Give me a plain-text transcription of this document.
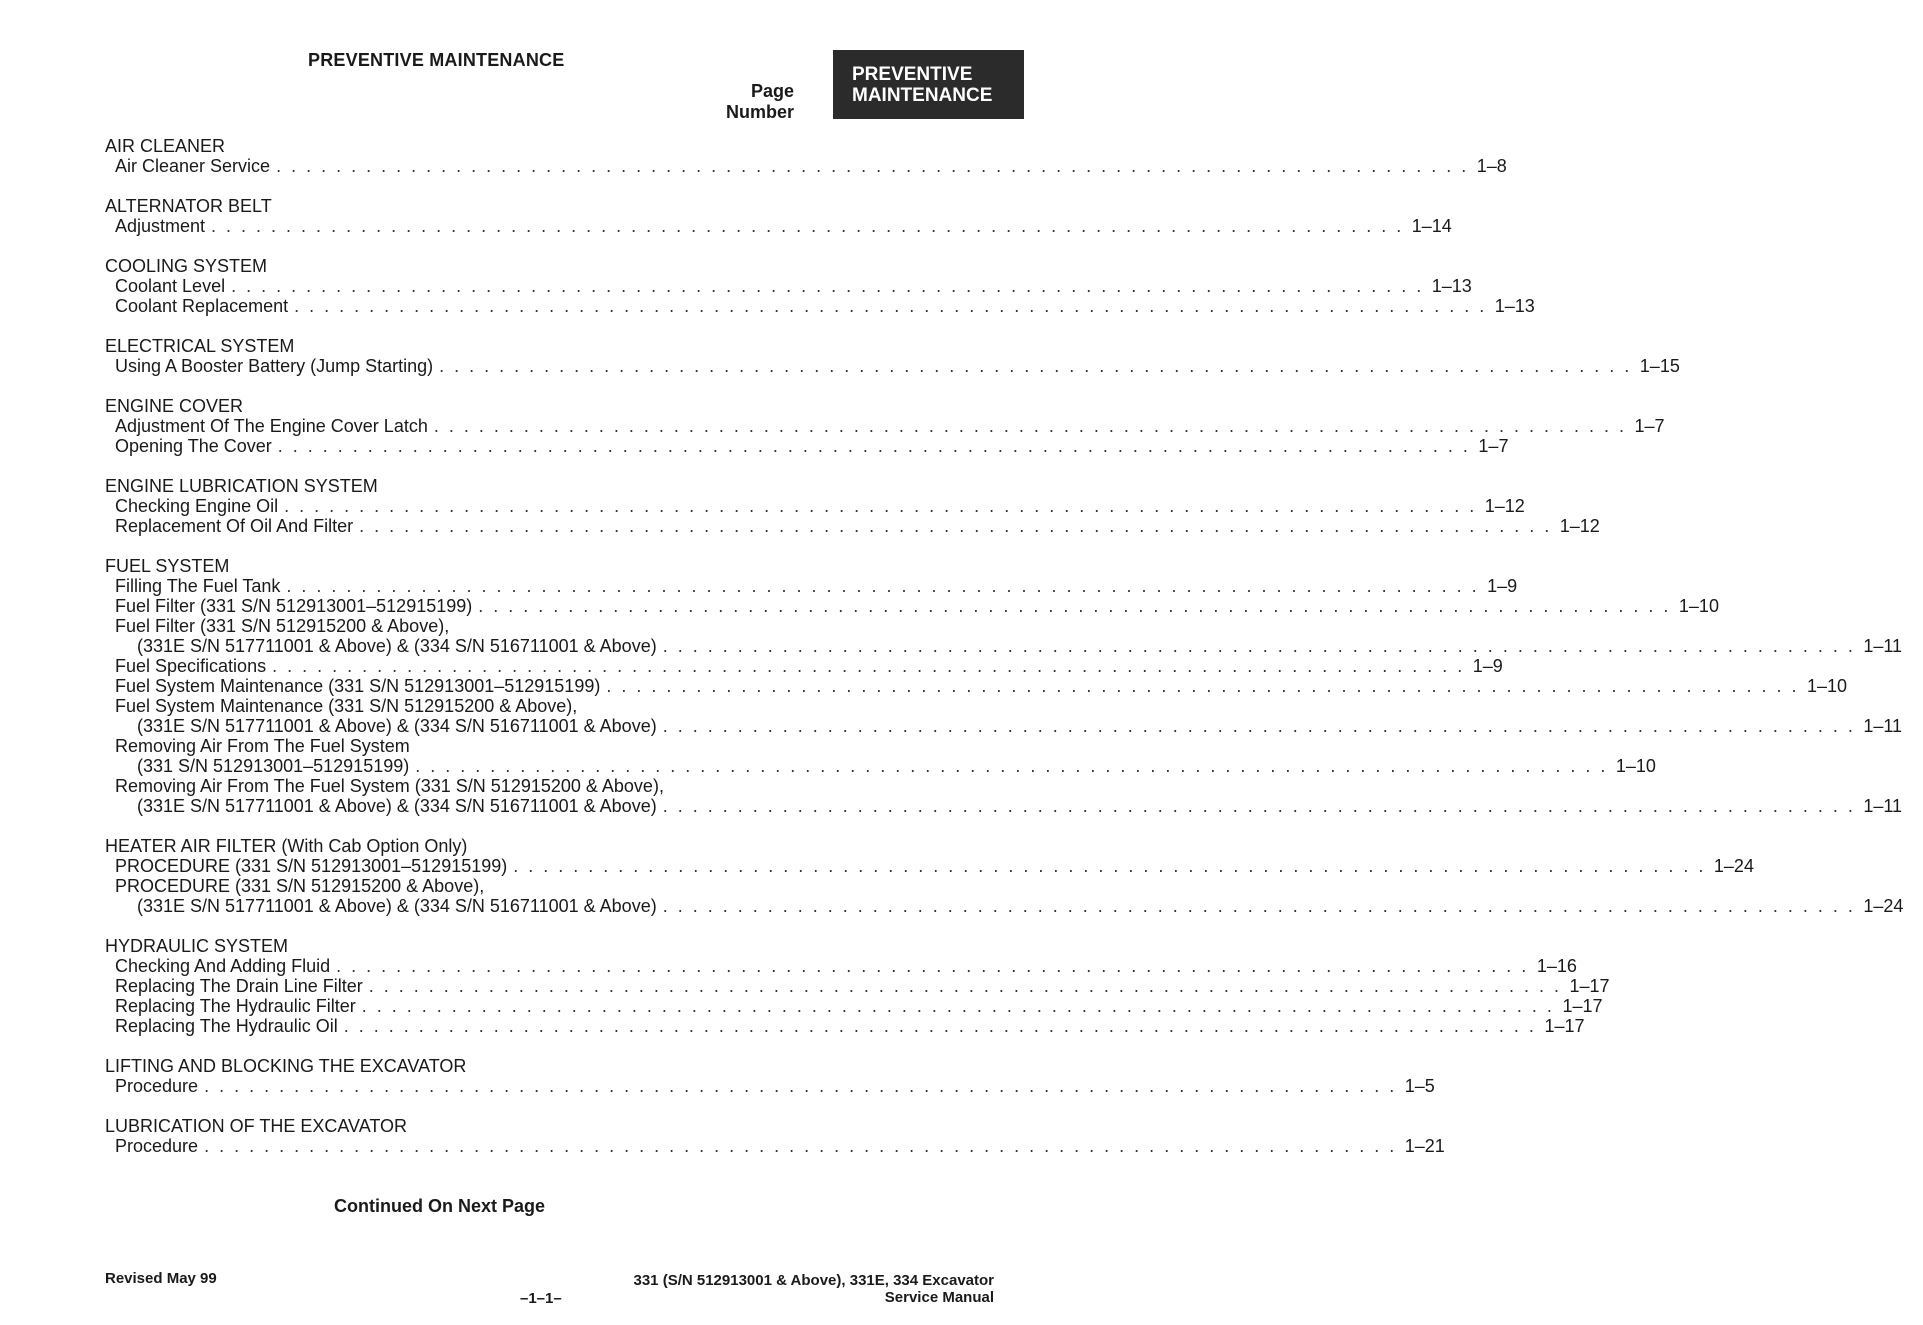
PREVENTIVE MAINTENANCE
Page
Number
PREVENTIVE
MAINTENANCE
AIR CLEANER
Air Cleaner Service . . . . . . . . . . . . . . . . . . . . . . . . . . . . . . . . . . . . . . . . . . . . . . . . . . . . . . . . . . . . . . . . . . . . . . . . . . . . . . . . 1–8
ALTERNATOR BELT
Adjustment . . . . . . . . . . . . . . . . . . . . . . . . . . . . . . . . . . . . . . . . . . . . . . . . . . . . . . . . . . . . . . . . . . . . . . . . . . . . . . . . 1–14
COOLING SYSTEM
Coolant Level . . . . . . . . . . . . . . . . . . . . . . . . . . . . . . . . . . . . . . . . . . . . . . . . . . . . . . . . . . . . . . . . . . . . . . . . . . . . . . . . 1–13
Coolant Replacement . . . . . . . . . . . . . . . . . . . . . . . . . . . . . . . . . . . . . . . . . . . . . . . . . . . . . . . . . . . . . . . . . . . . . . . . . . . . . . . . 1–13
ELECTRICAL SYSTEM
Using A Booster Battery (Jump Starting) . . . . . . . . . . . . . . . . . . . . . . . . . . . . . . . . . . . . . . . . . . . . . . . . . . . . . . . . . . . . . . . . . . . . . . . . . . . . . . . . 1–15
ENGINE COVER
Adjustment Of The Engine Cover Latch . . . . . . . . . . . . . . . . . . . . . . . . . . . . . . . . . . . . . . . . . . . . . . . . . . . . . . . . . . . . . . . . . . . . . . . . . . . . . . . . 1–7
Opening The Cover . . . . . . . . . . . . . . . . . . . . . . . . . . . . . . . . . . . . . . . . . . . . . . . . . . . . . . . . . . . . . . . . . . . . . . . . . . . . . . . . 1–7
ENGINE LUBRICATION SYSTEM
Checking Engine Oil . . . . . . . . . . . . . . . . . . . . . . . . . . . . . . . . . . . . . . . . . . . . . . . . . . . . . . . . . . . . . . . . . . . . . . . . . . . . . . . . 1–12
Replacement Of Oil And Filter . . . . . . . . . . . . . . . . . . . . . . . . . . . . . . . . . . . . . . . . . . . . . . . . . . . . . . . . . . . . . . . . . . . . . . . . . . . . . . . . 1–12
FUEL SYSTEM
Filling The Fuel Tank . . . . . . . . . . . . . . . . . . . . . . . . . . . . . . . . . . . . . . . . . . . . . . . . . . . . . . . . . . . . . . . . . . . . . . . . . . . . . . . . 1–9
Fuel Filter (331 S/N 512913001–512915199) . . . . . . . . . . . . . . . . . . . . . . . . . . . . . . . . . . . . . . . . . . . . . . . . . . . . . . . . . . . . . . . . . . . . . . . . . . . . . . . . 1–10
Fuel Filter (331 S/N 512915200 & Above),
(331E S/N 517711001 & Above) & (334 S/N 516711001 & Above) . . . . . . . . . . . . . . . . . . . . . . . . . . . . . . . . . . . . . . . . . . . . . . . . . . . . . . . . . . . . . . . . . . . . . . . . . . . . . . . . 1–11
Fuel Specifications . . . . . . . . . . . . . . . . . . . . . . . . . . . . . . . . . . . . . . . . . . . . . . . . . . . . . . . . . . . . . . . . . . . . . . . . . . . . . . . . 1–9
Fuel System Maintenance (331 S/N 512913001–512915199) . . . . . . . . . . . . . . . . . . . . . . . . . . . . . . . . . . . . . . . . . . . . . . . . . . . . . . . . . . . . . . . . . . . . . . . . . . . . . . . . 1–10
Fuel System Maintenance (331 S/N 512915200 & Above),
(331E S/N 517711001 & Above) & (334 S/N 516711001 & Above) . . . . . . . . . . . . . . . . . . . . . . . . . . . . . . . . . . . . . . . . . . . . . . . . . . . . . . . . . . . . . . . . . . . . . . . . . . . . . . . . 1–11
Removing Air From The Fuel System
(331 S/N 512913001–512915199) . . . . . . . . . . . . . . . . . . . . . . . . . . . . . . . . . . . . . . . . . . . . . . . . . . . . . . . . . . . . . . . . . . . . . . . . . . . . . . . . 1–10
Removing Air From The Fuel System (331 S/N 512915200 & Above),
(331E S/N 517711001 & Above) & (334 S/N 516711001 & Above) . . . . . . . . . . . . . . . . . . . . . . . . . . . . . . . . . . . . . . . . . . . . . . . . . . . . . . . . . . . . . . . . . . . . . . . . . . . . . . . . 1–11
HEATER AIR FILTER (With Cab Option Only)
PROCEDURE (331 S/N 512913001–512915199) . . . . . . . . . . . . . . . . . . . . . . . . . . . . . . . . . . . . . . . . . . . . . . . . . . . . . . . . . . . . . . . . . . . . . . . . . . . . . . . . 1–24
PROCEDURE (331 S/N 512915200 & Above),
(331E S/N 517711001 & Above) & (334 S/N 516711001 & Above) . . . . . . . . . . . . . . . . . . . . . . . . . . . . . . . . . . . . . . . . . . . . . . . . . . . . . . . . . . . . . . . . . . . . . . . . . . . . . . . . 1–24
HYDRAULIC SYSTEM
Checking And Adding Fluid . . . . . . . . . . . . . . . . . . . . . . . . . . . . . . . . . . . . . . . . . . . . . . . . . . . . . . . . . . . . . . . . . . . . . . . . . . . . . . . . 1–16
Replacing The Drain Line Filter . . . . . . . . . . . . . . . . . . . . . . . . . . . . . . . . . . . . . . . . . . . . . . . . . . . . . . . . . . . . . . . . . . . . . . . . . . . . . . . . 1–17
Replacing The Hydraulic Filter . . . . . . . . . . . . . . . . . . . . . . . . . . . . . . . . . . . . . . . . . . . . . . . . . . . . . . . . . . . . . . . . . . . . . . . . . . . . . . . . 1–17
Replacing The Hydraulic Oil . . . . . . . . . . . . . . . . . . . . . . . . . . . . . . . . . . . . . . . . . . . . . . . . . . . . . . . . . . . . . . . . . . . . . . . . . . . . . . . . 1–17
LIFTING AND BLOCKING THE EXCAVATOR
Procedure . . . . . . . . . . . . . . . . . . . . . . . . . . . . . . . . . . . . . . . . . . . . . . . . . . . . . . . . . . . . . . . . . . . . . . . . . . . . . . . . 1–5
LUBRICATION OF THE EXCAVATOR
Procedure . . . . . . . . . . . . . . . . . . . . . . . . . . . . . . . . . . . . . . . . . . . . . . . . . . . . . . . . . . . . . . . . . . . . . . . . . . . . . . . . 1–21
Continued On Next Page
Revised May 99
–1–1–
331 (S/N 512913001 & Above), 331E, 334 Excavator
Service Manual
